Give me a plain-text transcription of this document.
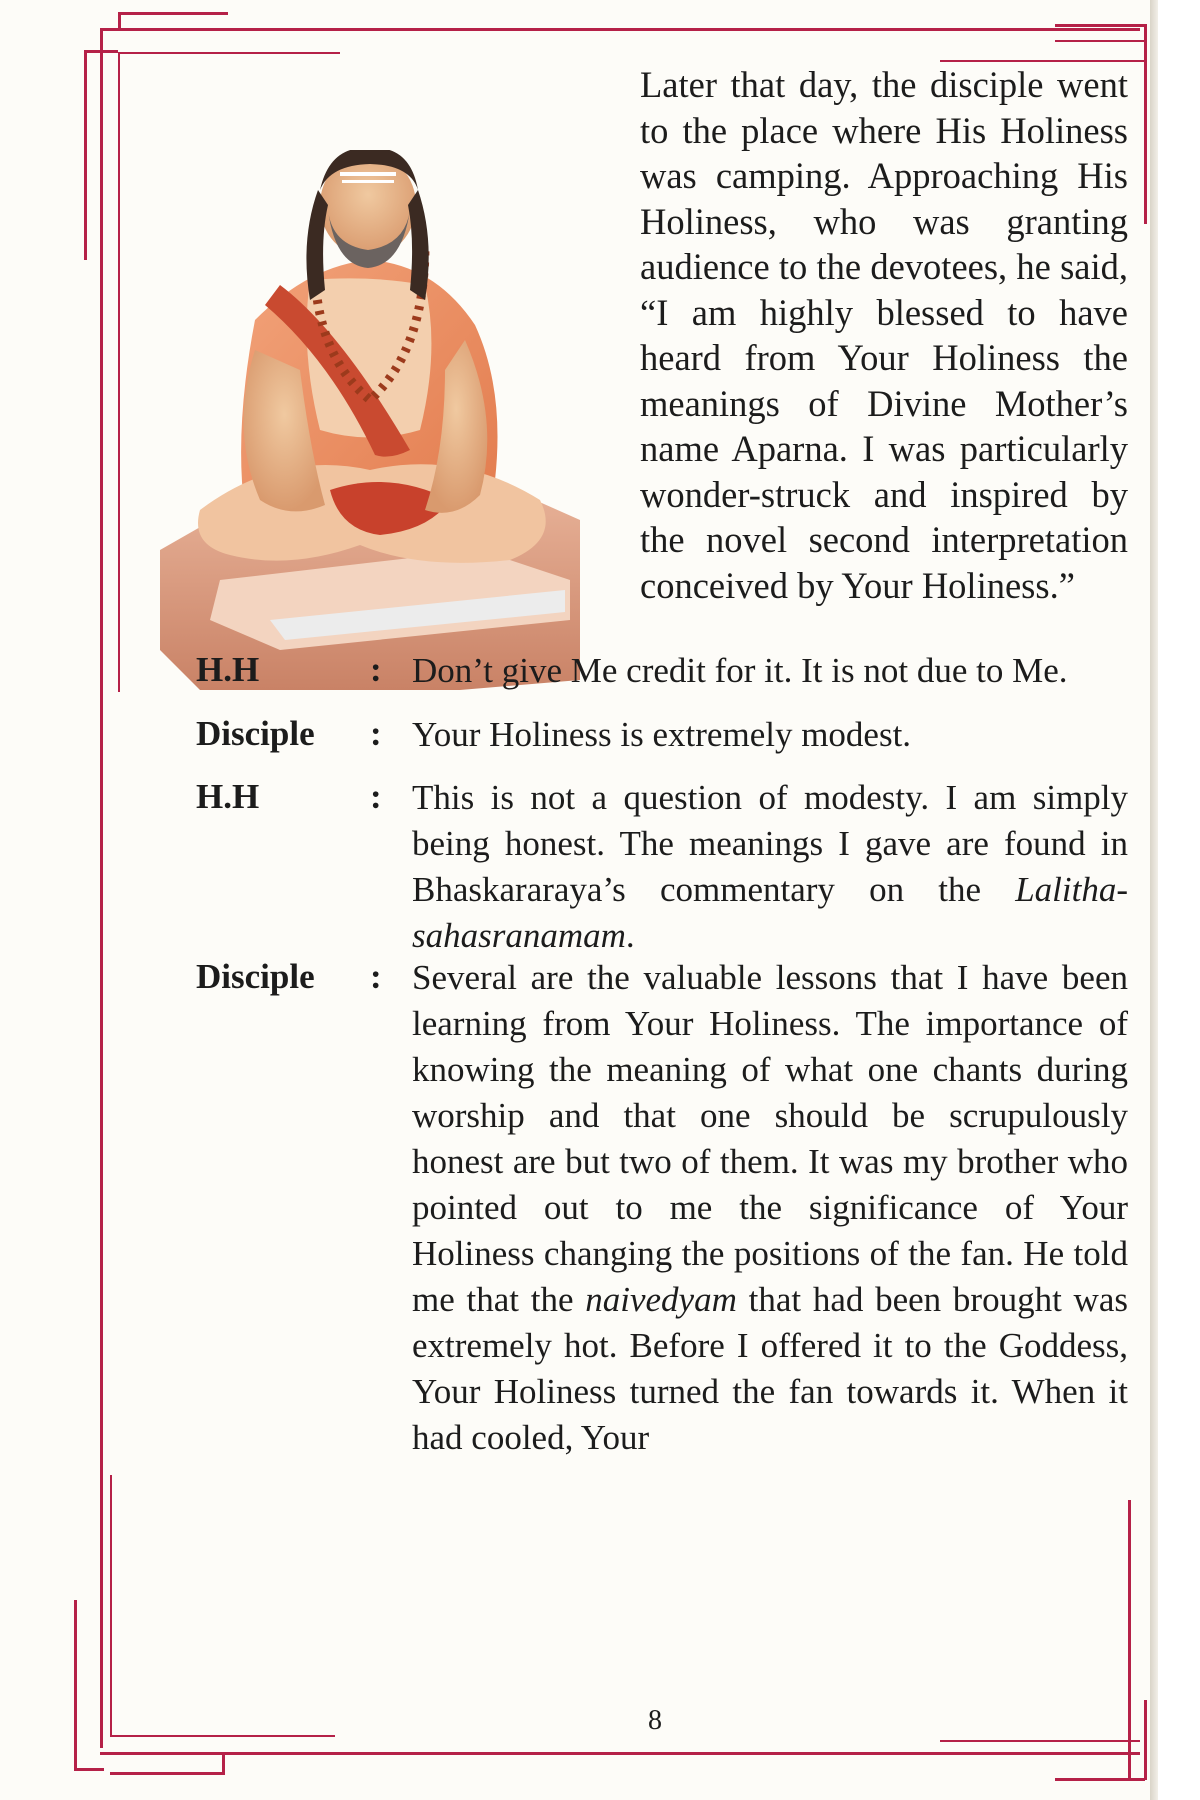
Later that day, the disciple went to the place where His Holiness was camping. Approaching His Holiness, who was granting audience to the devotees, he said, “I am highly blessed to have heard from Your Holiness the meanings of Divine Mother’s name Aparna. I was particularly wonder-struck and inspired by the novel second interpretation conceived by Your Holiness.”

H.H	: Don’t give Me credit for it. It is not due to Me.

Disciple : Your Holiness is extremely modest.

H.H	: This is not a question of modesty. I am simply being honest. The meanings I gave are found in Bhaskararaya’s commentary on the Lalitha-sahasranamam.

Disciple : Several are the valuable lessons that I have been learning from Your Holiness. The importance of knowing the meaning of what one chants during worship and that one should be scrupulously honest are but two of them. It was my brother who pointed out to me the significance of Your Holiness changing the positions of the fan. He told me that the naivedyam that had been brought was extremely hot. Before I offered it to the Goddess, Your Holiness turned the fan towards it. When it had cooled, Your

8
